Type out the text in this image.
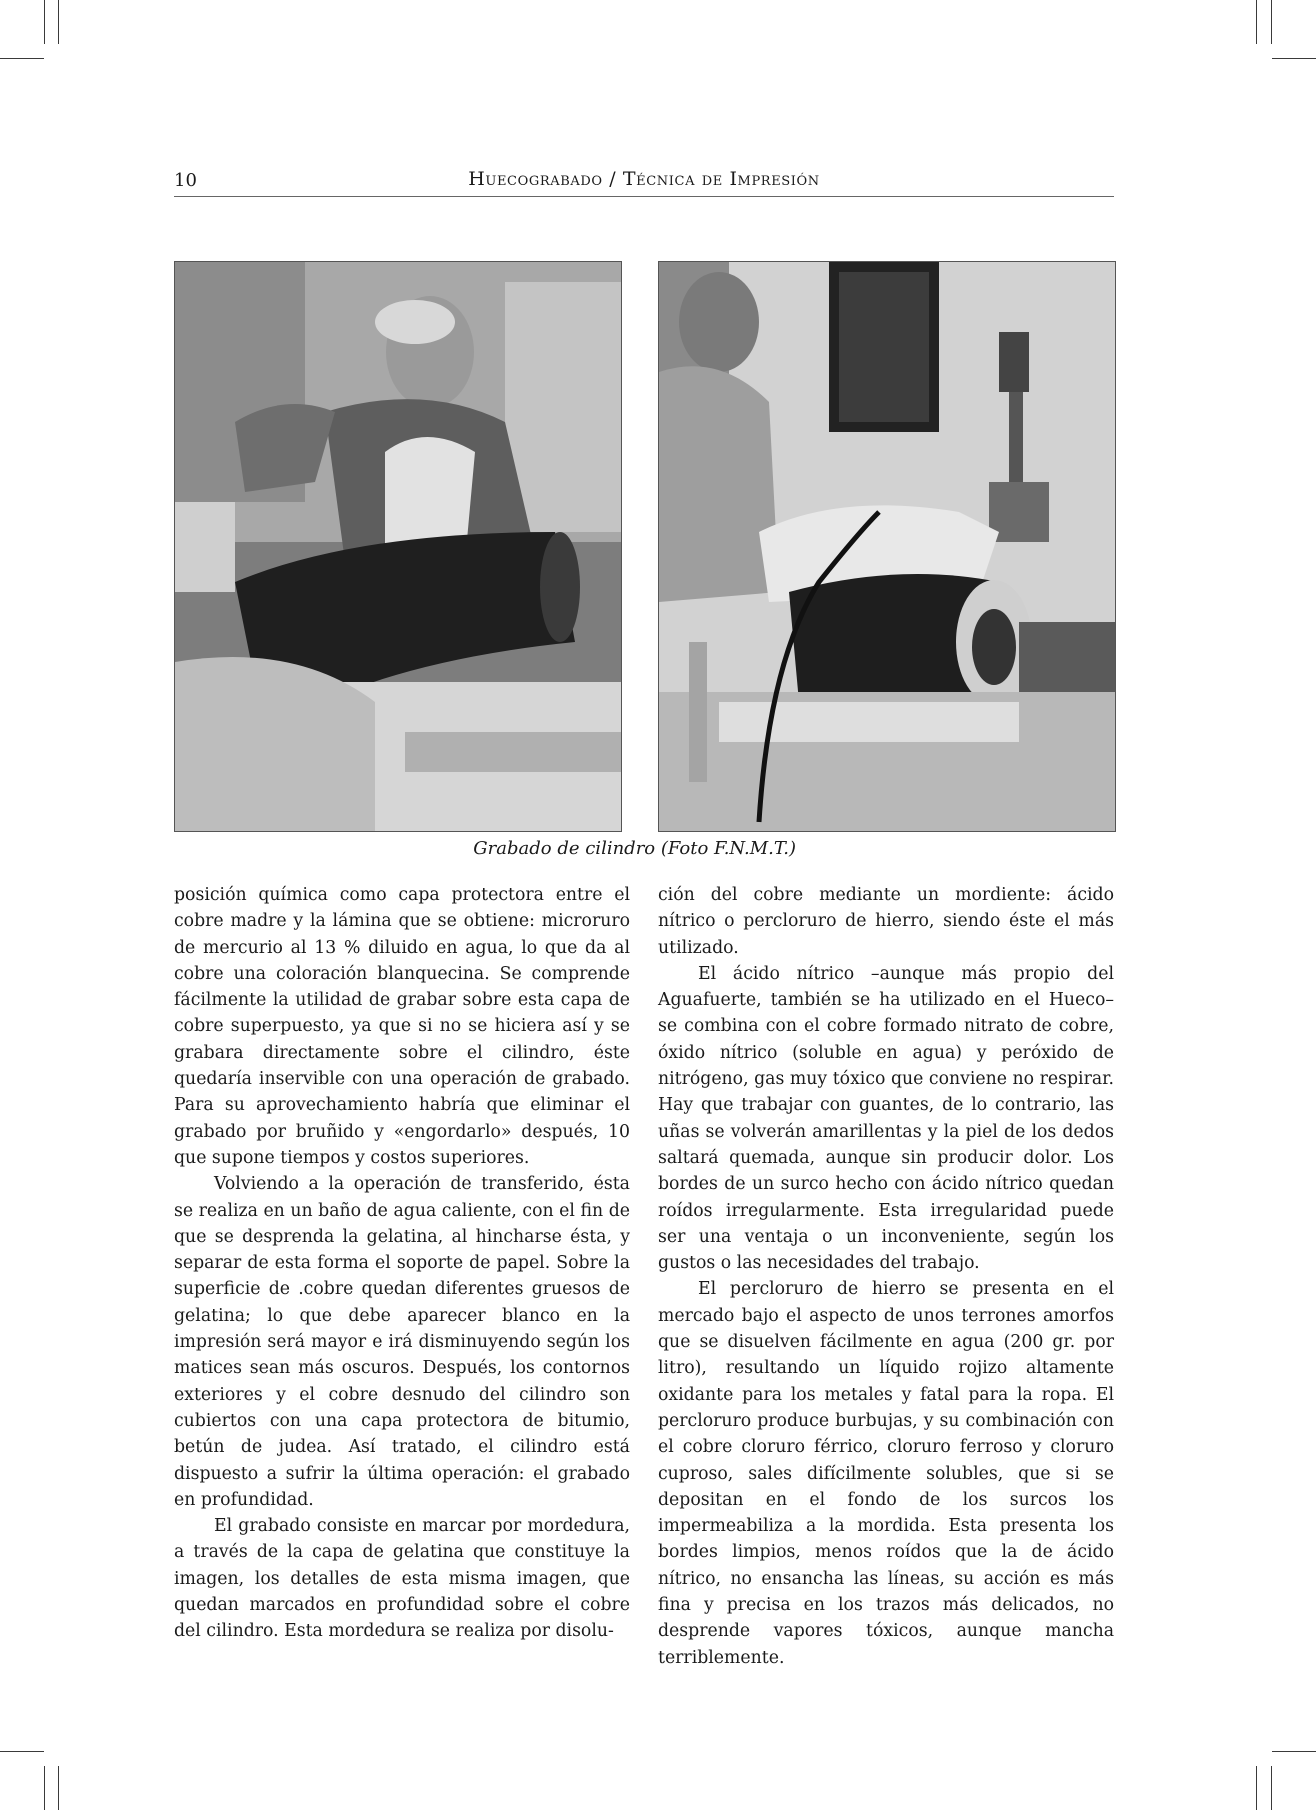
10	Huecograbado / Técnica de Impresión
Grabado de cilindro (Foto F.N.M.T.)

posición química como capa protectora entre el cobre madre y la lámina que se obtiene: microruro de mercurio al 13 % diluido en agua, lo que da al cobre una coloración blanquecina. Se comprende fácilmente la utilidad de grabar sobre esta capa de cobre superpuesto, ya que si no se hiciera así y se grabara directamente sobre el cilindro, éste quedaría inservible con una operación de grabado. Para su aprovechamiento habría que eliminar el grabado por bruñido y «engordarlo» después, 10 que supone tiempos y costos superiores.

Volviendo a la operación de transferido, ésta se realiza en un baño de agua caliente, con el fin de que se desprenda la gelatina, al hincharse ésta, y separar de esta forma el soporte de papel. Sobre la superficie de .cobre quedan diferentes gruesos de gelatina; lo que debe aparecer blanco en la impresión será mayor e irá disminuyendo según los matices sean más oscuros. Después, los contornos exteriores y el cobre desnudo del cilindro son cubiertos con una capa protectora de bitumio, betún de judea. Así tratado, el cilindro está dispuesto a sufrir la última operación: el grabado en profundidad.

El grabado consiste en marcar por mordedura, a través de la capa de gelatina que constituye la imagen, los detalles de esta misma imagen, que quedan marcados en profundidad sobre el cobre del cilindro. Esta mordedura se realiza por disolu-

ción del cobre mediante un mordiente: ácido nítrico o percloruro de hierro, siendo éste el más utilizado.

El ácido nítrico –aunque más propio del Aguafuerte, también se ha utilizado en el Hueco– se combina con el cobre formado nitrato de cobre, óxido nítrico (soluble en agua) y peróxido de nitrógeno, gas muy tóxico que conviene no respirar. Hay que trabajar con guantes, de lo contrario, las uñas se volverán amarillentas y la piel de los dedos saltará quemada, aunque sin producir dolor. Los bordes de un surco hecho con ácido nítrico quedan roídos irregularmente. Esta irregularidad puede ser una ventaja o un inconveniente, según los gustos o las necesidades del trabajo.

El percloruro de hierro se presenta en el mercado bajo el aspecto de unos terrones amorfos que se disuelven fácilmente en agua (200 gr. por litro), resultando un líquido rojizo altamente oxidante para los metales y fatal para la ropa. El percloruro produce burbujas, y su combinación con el cobre cloruro férrico, cloruro ferroso y cloruro cuproso, sales difícilmente solubles, que si se depositan en el fondo de los surcos los impermeabiliza a la mordida. Esta presenta los bordes limpios, menos roídos que la de ácido nítrico, no ensancha las líneas, su acción es más fina y precisa en los trazos más delicados, no desprende vapores tóxicos, aunque mancha terriblemente.
